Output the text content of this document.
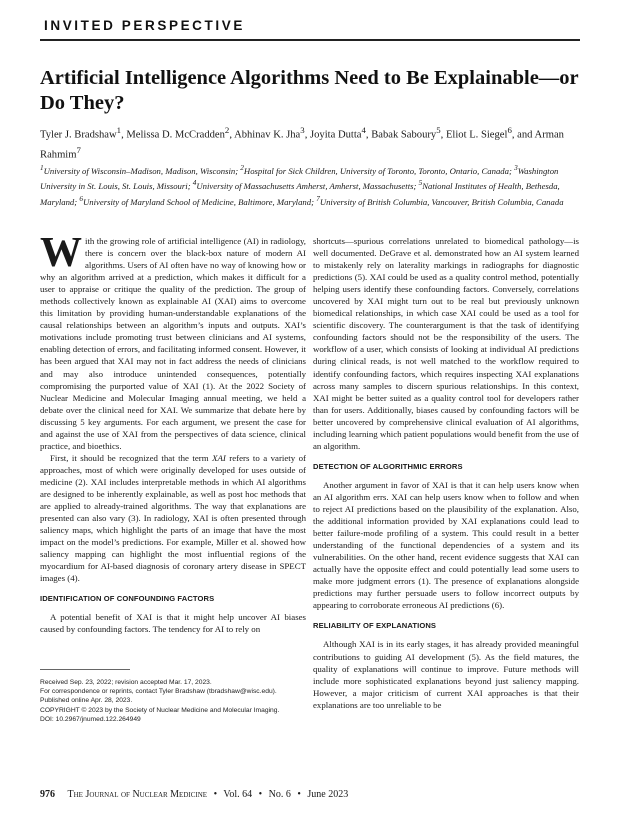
INVITED PERSPECTIVE
Artificial Intelligence Algorithms Need to Be Explainable—or Do They?
Tyler J. Bradshaw$^1$, Melissa D. McCradden$^2$, Abhinav K. Jha$^3$, Joyita Dutta$^4$, Babak Saboury$^5$, Eliot L. Siegel$^6$, and Arman Rahmim$^7$
$^1$University of Wisconsin–Madison, Madison, Wisconsin; $^2$Hospital for Sick Children, University of Toronto, Toronto, Ontario, Canada; $^3$Washington University in St. Louis, St. Louis, Missouri; $^4$University of Massachusetts Amherst, Amherst, Massachusetts; $^5$National Institutes of Health, Bethesda, Maryland; $^6$University of Maryland School of Medicine, Baltimore, Maryland; $^7$University of British Columbia, Vancouver, British Columbia, Canada

With the growing role of artificial intelligence (AI) in radiology, there is concern over the black-box nature of modern AI algorithms. Users of AI often have no way of knowing how or why an algorithm arrived at a prediction, which makes it difficult for a user to appraise or critique the quality of the prediction. The group of methods collectively known as explainable AI (XAI) aims to overcome this limitation by providing human-understandable explanations of the causal relationships between an algorithm’s inputs and outputs. XAI’s motivations include promoting trust between clinicians and AI systems, enabling detection of errors, and facilitating informed consent. However, it has been argued that XAI may not in fact address the needs of clinicians and may also introduce unintended consequences, potentially compromising the purported value of XAI (1). At the 2022 Society of Nuclear Medicine and Molecular Imaging annual meeting, we held a debate over the clinical need for XAI. We summarize that debate here by discussing 5 key arguments. For each argument, we present the case for and against the use of XAI from the perspectives of data science, clinical practice, and bioethics.

First, it should be recognized that the term XAI refers to a variety of approaches, most of which were originally developed for uses outside of medicine (2). XAI includes interpretable methods in which AI algorithms are designed to be inherently explainable, as well as post hoc methods that are applied to already-trained algorithms. The way that explanations are presented can also vary (3). In radiology, XAI is often presented through saliency maps, which highlight the parts of an image that have the most impact on the model’s predictions. For example, Miller et al. showed how saliency mapping can highlight the most influential regions of the myocardium for AI-based diagnosis of coronary artery disease in SPECT images (4).

IDENTIFICATION OF CONFOUNDING FACTORS

A potential benefit of XAI is that it might help uncover AI biases caused by confounding factors. The tendency for AI to rely on

shortcuts—spurious correlations unrelated to biomedical pathology—is well documented. DeGrave et al. demonstrated how an AI system learned to mistakenly rely on laterality markings in radiographs for diagnostic predictions (5). XAI could be used as a quality control method, potentially helping users identify these confounding factors. Conversely, correlations uncovered by XAI might turn out to be real but previously unknown biomedical relationships, in which case XAI could be used as a tool for scientific discovery. The counterargument is that the task of identifying confounding factors should not be the responsibility of the users. The workflow of a user, which consists of looking at individual AI predictions during clinical reads, is not well matched to the workflow required to identify confounding factors, which requires inspecting XAI explanations across many samples to discern spurious relationships. In this context, XAI might be better suited as a quality control tool for developers rather than for users. Additionally, biases caused by confounding factors will be better uncovered by comprehensive clinical evaluation of AI algorithms, including learning which patient populations would benefit from the use of an algorithm.

DETECTION OF ALGORITHMIC ERRORS

Another argument in favor of XAI is that it can help users know when an AI algorithm errs. XAI can help users know when to follow and when to reject AI predictions based on the plausibility of the explanation. Also, the additional information provided by XAI explanations could lead to better failure-mode profiling of a system. This could result in a better understanding of the functional dependencies of a system and its vulnerabilities. On the other hand, recent evidence suggests that XAI can actually have the opposite effect and could potentially lead some users to make more judgment errors (1). The presence of explanations alongside predictions may further persuade users to follow incorrect outputs by appearing to corroborate erroneous AI predictions (6).

RELIABILITY OF EXPLANATIONS

Although XAI is in its early stages, it has already provided meaningful contributions to guiding AI development (5). As the field matures, the quality of explanations will continue to improve. Future methods will include more sophisticated explanations beyond just saliency mapping. However, a major criticism of current XAI approaches is that their explanations are too unreliable to be

Received Sep. 23, 2022; revision accepted Mar. 17, 2023.
For correspondence or reprints, contact Tyler Bradshaw (tbradshaw@wisc.edu).
Published online Apr. 28, 2023.
COPYRIGHT © 2023 by the Society of Nuclear Medicine and Molecular Imaging.
DOI: 10.2967/jnumed.122.264949
976 The Journal of Nuclear Medicine • Vol. 64 • No. 6 • June 2023
